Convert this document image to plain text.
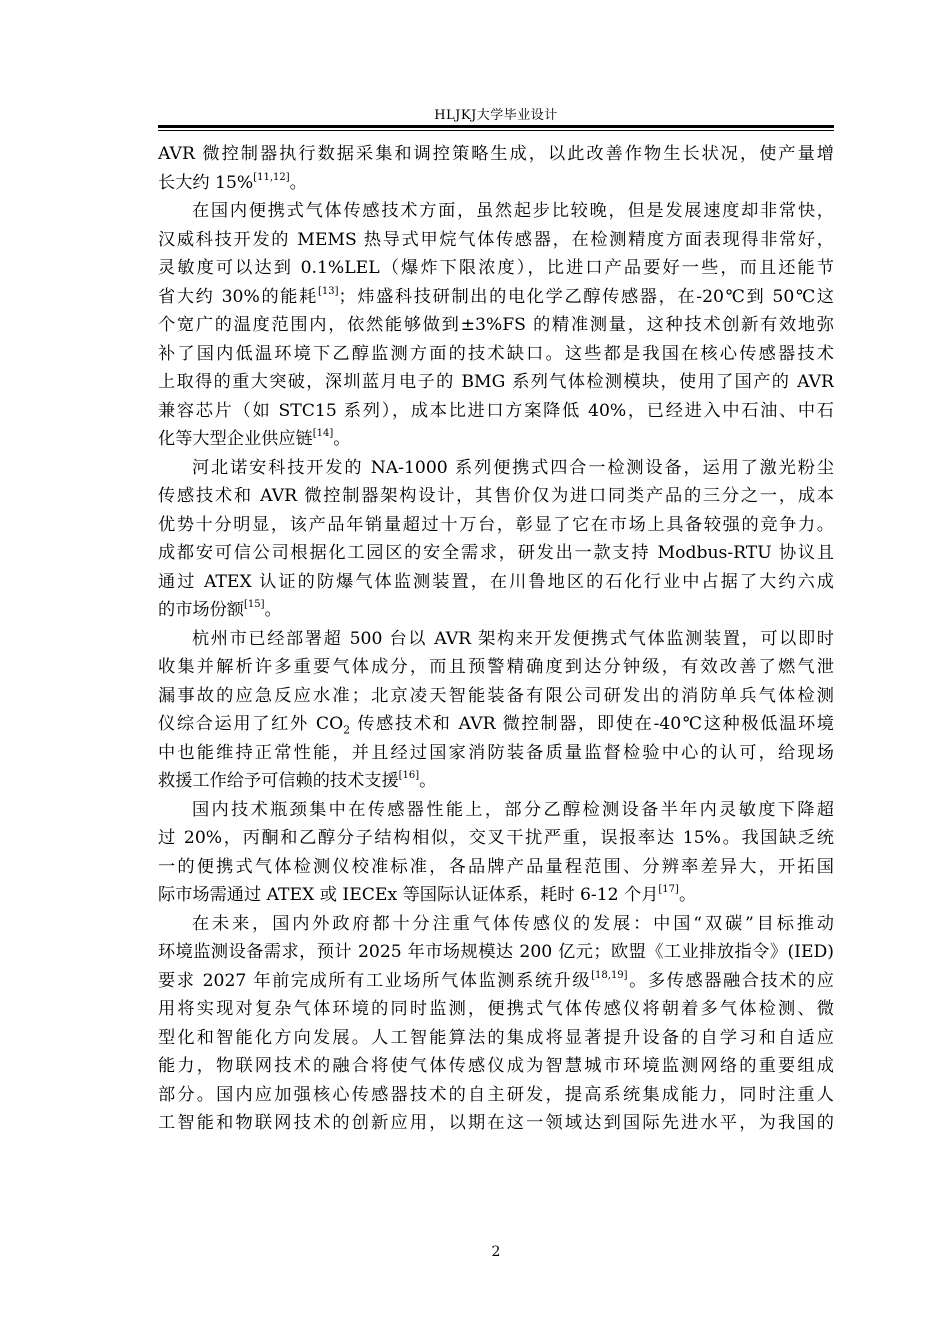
HLJKJ大学毕业设计
AVR 微控制器执行数据采集和调控策略生成，以此改善作物生长状况，使产量增
长大约 15%[11,12]。
在国内便携式气体传感技术方面，虽然起步比较晚，但是发展速度却非常快，
汉威科技开发的 MEMS 热导式甲烷气体传感器，在检测精度方面表现得非常好，
灵敏度可以达到 0.1%LEL（爆炸下限浓度），比进口产品要好一些，而且还能节
省大约 30%的能耗[13]；炜盛科技研制出的电化学乙醇传感器，在-20℃到 50℃这
个宽广的温度范围内，依然能够做到±3%FS 的精准测量，这种技术创新有效地弥
补了国内低温环境下乙醇监测方面的技术缺口。这些都是我国在核心传感器技术
上取得的重大突破，深圳蓝月电子的 BMG 系列气体检测模块，使用了国产的 AVR
兼容芯片（如 STC15 系列），成本比进口方案降低 40%，已经进入中石油、中石
化等大型企业供应链[14]。
河北诺安科技开发的 NA-1000 系列便携式四合一检测设备，运用了激光粉尘
传感技术和 AVR 微控制器架构设计，其售价仅为进口同类产品的三分之一，成本
优势十分明显，该产品年销量超过十万台，彰显了它在市场上具备较强的竞争力。
成都安可信公司根据化工园区的安全需求，研发出一款支持 Modbus-RTU 协议且
通过 ATEX 认证的防爆气体监测装置，在川鲁地区的石化行业中占据了大约六成
的市场份额[15]。
杭州市已经部署超 500 台以 AVR 架构来开发便携式气体监测装置，可以即时
收集并解析许多重要气体成分，而且预警精确度到达分钟级，有效改善了燃气泄
漏事故的应急反应水准；北京凌天智能装备有限公司研发出的消防单兵气体检测
仪综合运用了红外 $CO_2$ 传感技术和 AVR 微控制器，即使在-40℃这种极低温环境
中也能维持正常性能，并且经过国家消防装备质量监督检验中心的认可，给现场
救援工作给予可信赖的技术支援[16]。
国内技术瓶颈集中在传感器性能上，部分乙醇检测设备半年内灵敏度下降超
过 20%，丙酮和乙醇分子结构相似，交叉干扰严重，误报率达 15%。我国缺乏统
一的便携式气体检测仪校准标准，各品牌产品量程范围、分辨率差异大，开拓国
际市场需通过 ATEX 或 IECEx 等国际认证体系，耗时 6-12 个月[17]。
在未来，国内外政府都十分注重气体传感仪的发展：中国“双碳”目标推动
环境监测设备需求，预计 2025 年市场规模达 200 亿元；欧盟《工业排放指令》(IED)
要求 2027 年前完成所有工业场所气体监测系统升级[18,19]。多传感器融合技术的应
用将实现对复杂气体环境的同时监测，便携式气体传感仪将朝着多气体检测、微
型化和智能化方向发展。人工智能算法的集成将显著提升设备的自学习和自适应
能力，物联网技术的融合将使气体传感仪成为智慧城市环境监测网络的重要组成
部分。国内应加强核心传感器技术的自主研发，提高系统集成能力，同时注重人
工智能和物联网技术的创新应用，以期在这一领域达到国际先进水平，为我国的
2
